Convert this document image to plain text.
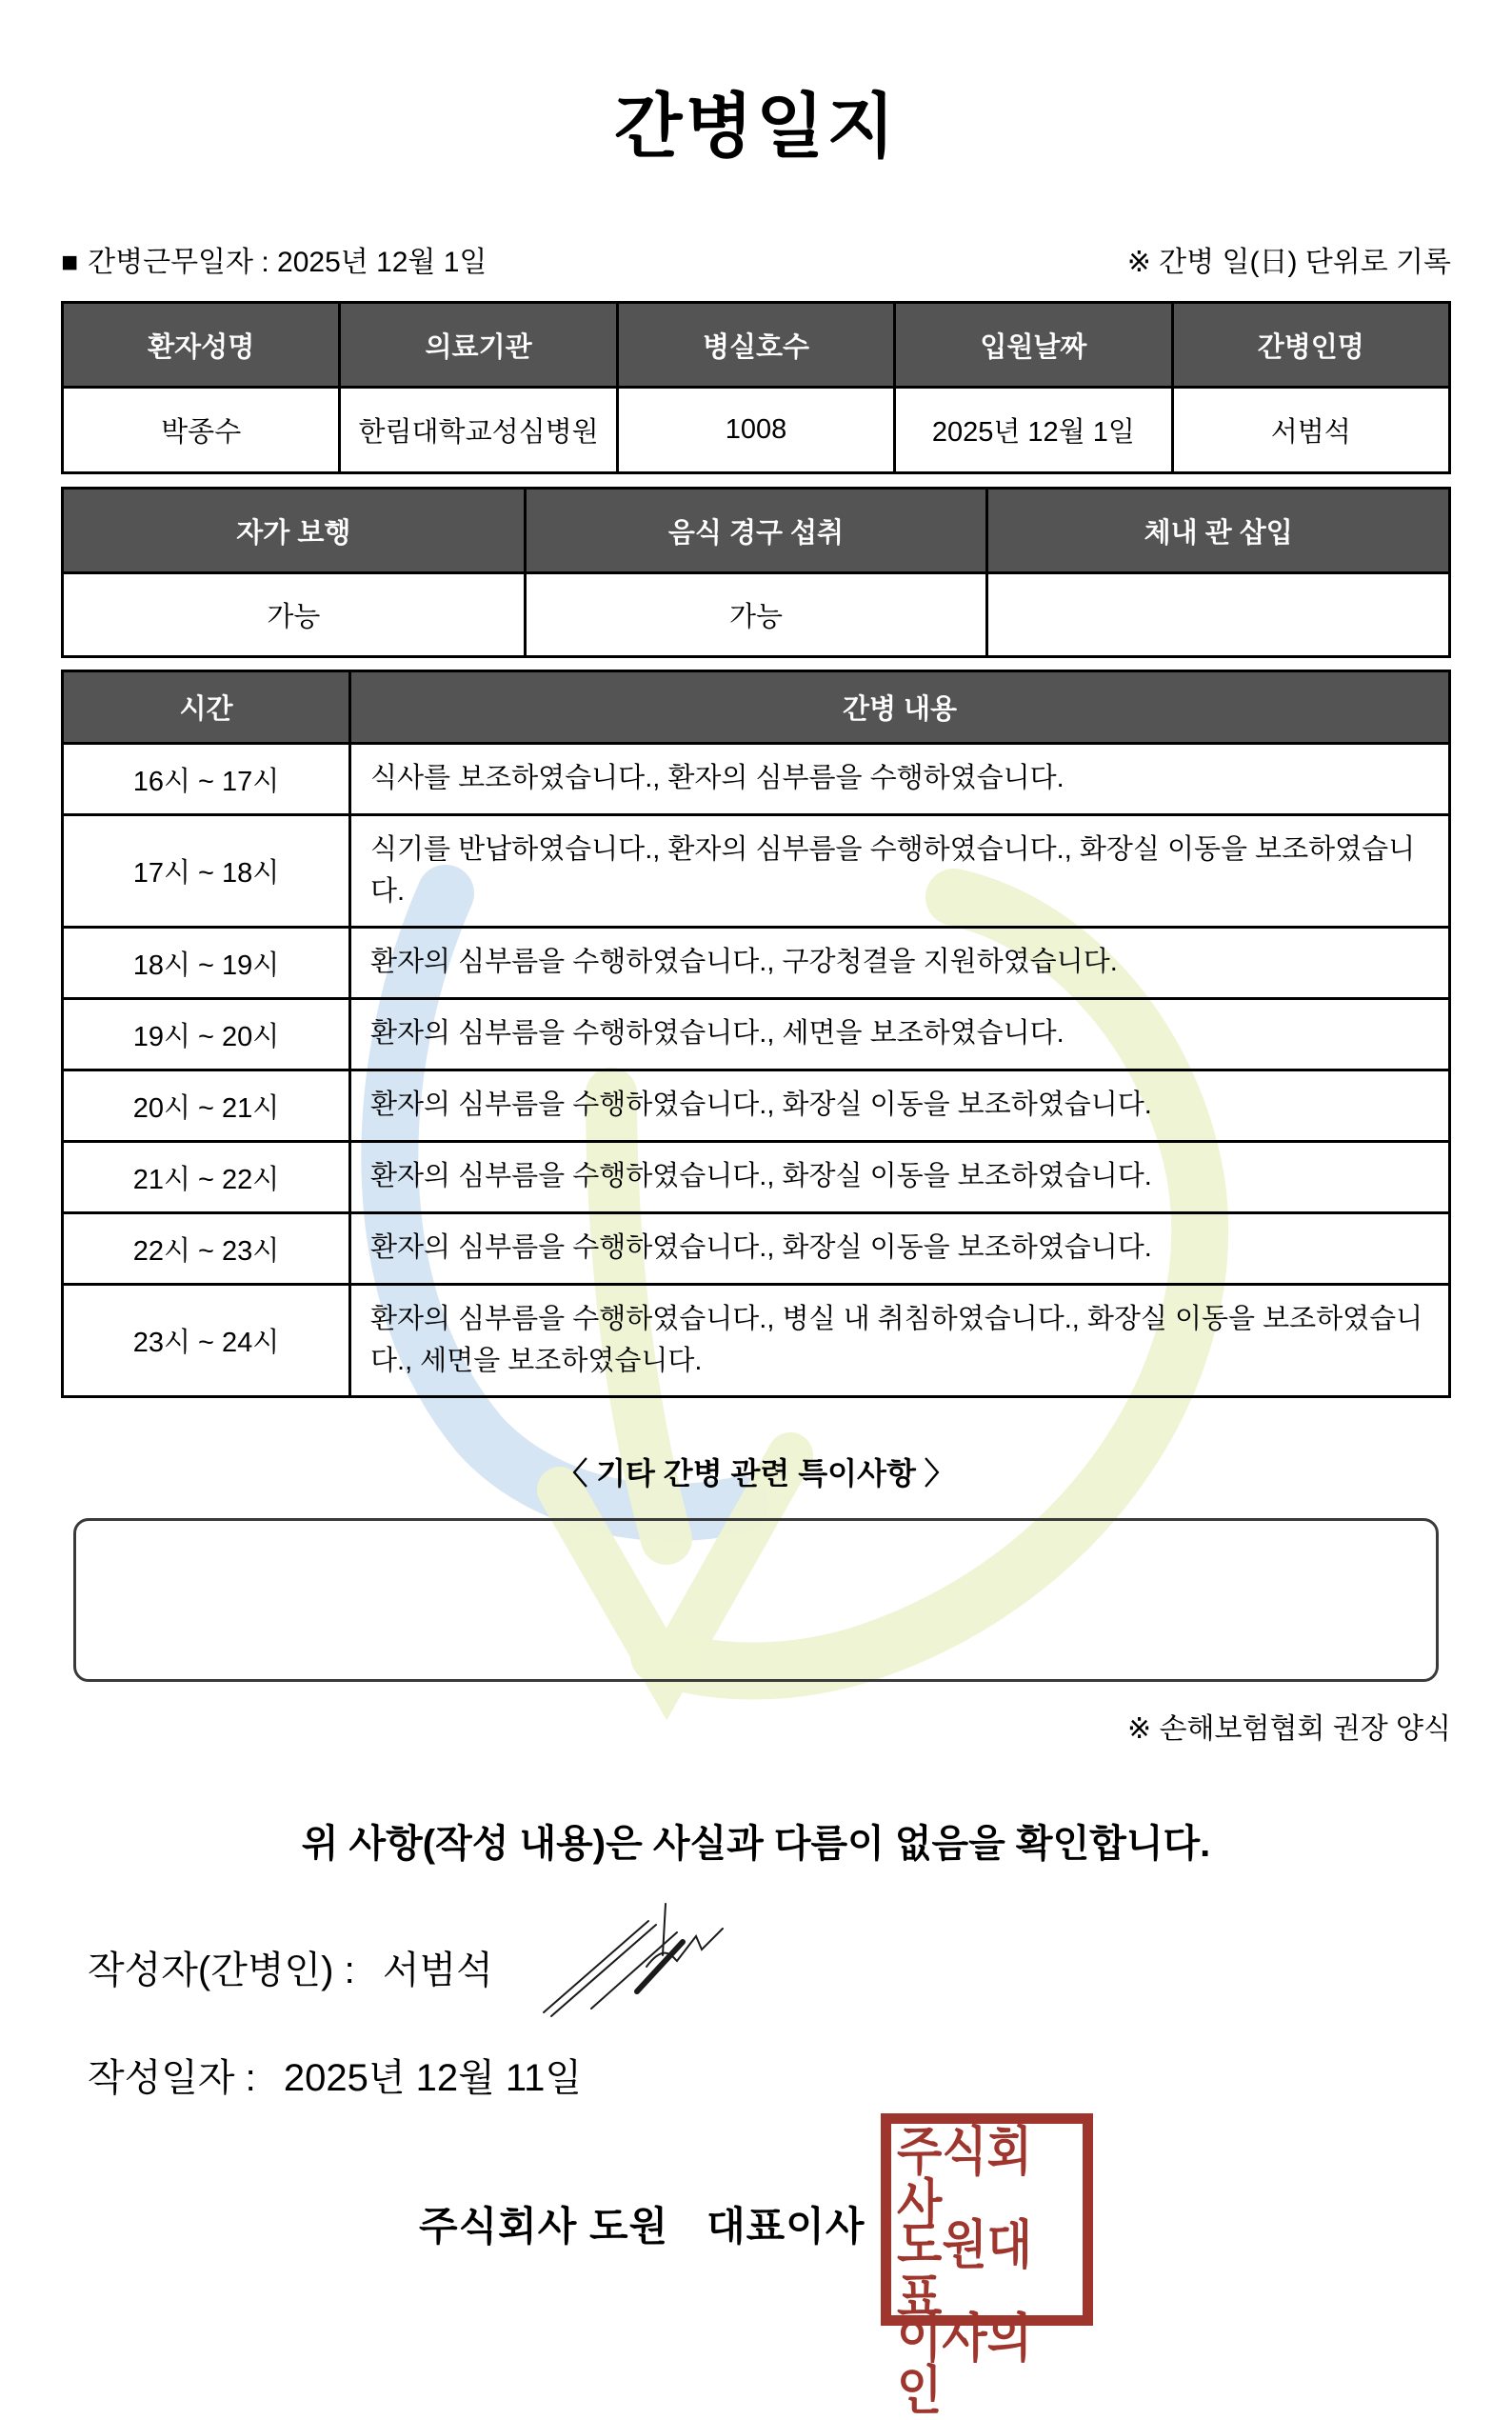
간병일지
■ 간병근무일자 : 2025년 12월 1일	※ 간병 일(日) 단위로 기록
환자성명	의료기관	병실호수	입원날짜	간병인명
박종수	한림대학교성심병원	1008	2025년 12월 1일	서범석
자가 보행	음식 경구 섭취	체내 관 삽입
가능	가능	
시간	간병 내용
16시 ~ 17시	식사를 보조하였습니다., 환자의 심부름을 수행하였습니다.
17시 ~ 18시	식기를 반납하였습니다., 환자의 심부름을 수행하였습니다., 화장실 이동을 보조하였습니다.
18시 ~ 19시	환자의 심부름을 수행하였습니다., 구강청결을 지원하였습니다.
19시 ~ 20시	환자의 심부름을 수행하였습니다., 세면을 보조하였습니다.
20시 ~ 21시	환자의 심부름을 수행하였습니다., 화장실 이동을 보조하였습니다.
21시 ~ 22시	환자의 심부름을 수행하였습니다., 화장실 이동을 보조하였습니다.
22시 ~ 23시	환자의 심부름을 수행하였습니다., 화장실 이동을 보조하였습니다.
23시 ~ 24시	환자의 심부름을 수행하였습니다., 병실 내 취침하였습니다., 화장실 이동을 보조하였습니다., 세면을 보조하였습니다.
〈 기타 간병 관련 특이사항 〉
※ 손해보험협회 권장 양식
위 사항(작성 내용)은 사실과 다름이 없음을 확인합니다.
작성자(간병인) : 서범석
작성일자 : 2025년 12월 11일
주식회사 도원 대표이사
주식회사
도원대표
이사의인
